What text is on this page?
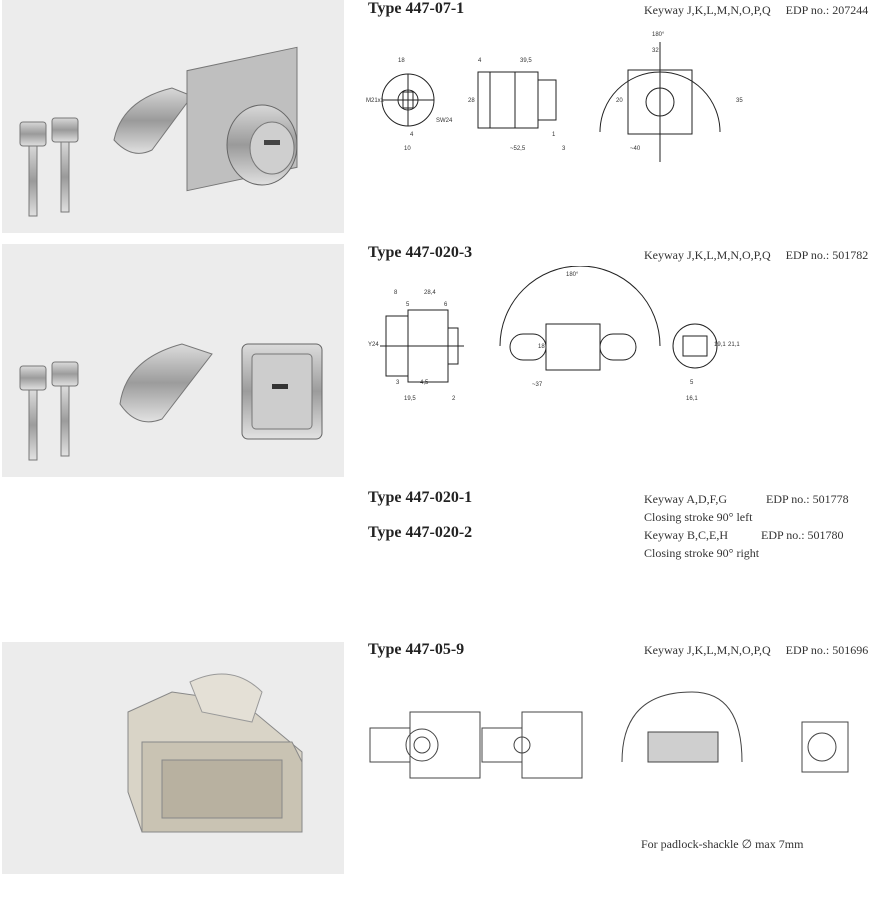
Type 447-07-1	Keyway J,K,L,M,N,O,P,Q EDP no.: 207244
18
M21x1
4
10
SW24
4
28
39,5
~52,5
1
3
180°
32
20	35
~40
Type 447-020-3	Keyway J,K,L,M,N,O,P,Q EDP no.: 501782
8
5
28,4
6
Y24
3	4,5
19,5	2
180°
18
~37
19,1 21,1
5
16,1
Type 447-020-1	Keyway A,D,F,G	EDP no.: 501778
Closing stroke 90° left
Type 447-020-2	Keyway B,C,E,H	EDP no.: 501780
Closing stroke 90° right
Type 447-05-9	Keyway J,K,L,M,N,O,P,Q EDP no.: 501696
For padlock-shackle ∅ max 7mm
